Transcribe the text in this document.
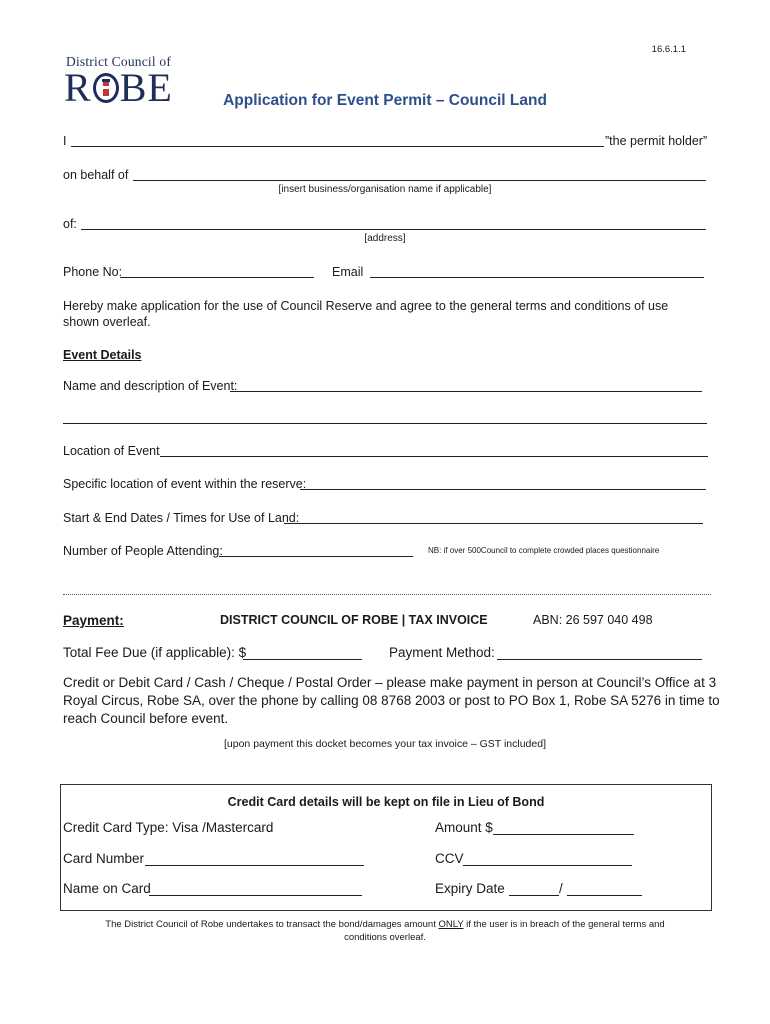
16.6.1.1
District Council of
R BE	Application for Event Permit – Council Land
I	”the permit holder”
on behalf of
[insert business/organisation name if applicable]
of:
[address]
Phone No:	Email
Hereby make application for the use of Council Reserve and agree to the general terms and conditions of use shown overleaf.
Event Details
Name and description of Event:
Location of Event
Specific location of event within the reserve:
Start & End Dates / Times for Use of Land:
Number of People Attending:	NB: if over 500Council to complete crowded places questionnaire
Payment:	DISTRICT COUNCIL OF ROBE | TAX INVOICE	ABN: 26 597 040 498
Total Fee Due (if applicable): $	Payment Method:
Credit or Debit Card / Cash / Cheque / Postal Order – please make payment in person at Council’s Office at 3
Royal Circus, Robe SA, over the phone by calling 08 8768 2003 or post to PO Box 1, Robe SA 5276 in time to
reach Council before event.
[upon payment this docket becomes your tax invoice – GST included]
Credit Card details will be kept on file in Lieu of Bond
Credit Card Type: Visa /Mastercard	Amount $
Card Number	CCV
Name on Card	Expiry Date	/
The District Council of Robe undertakes to transact the bond/damages amount ONLY if the user is in breach of the general terms and
conditions overleaf.
